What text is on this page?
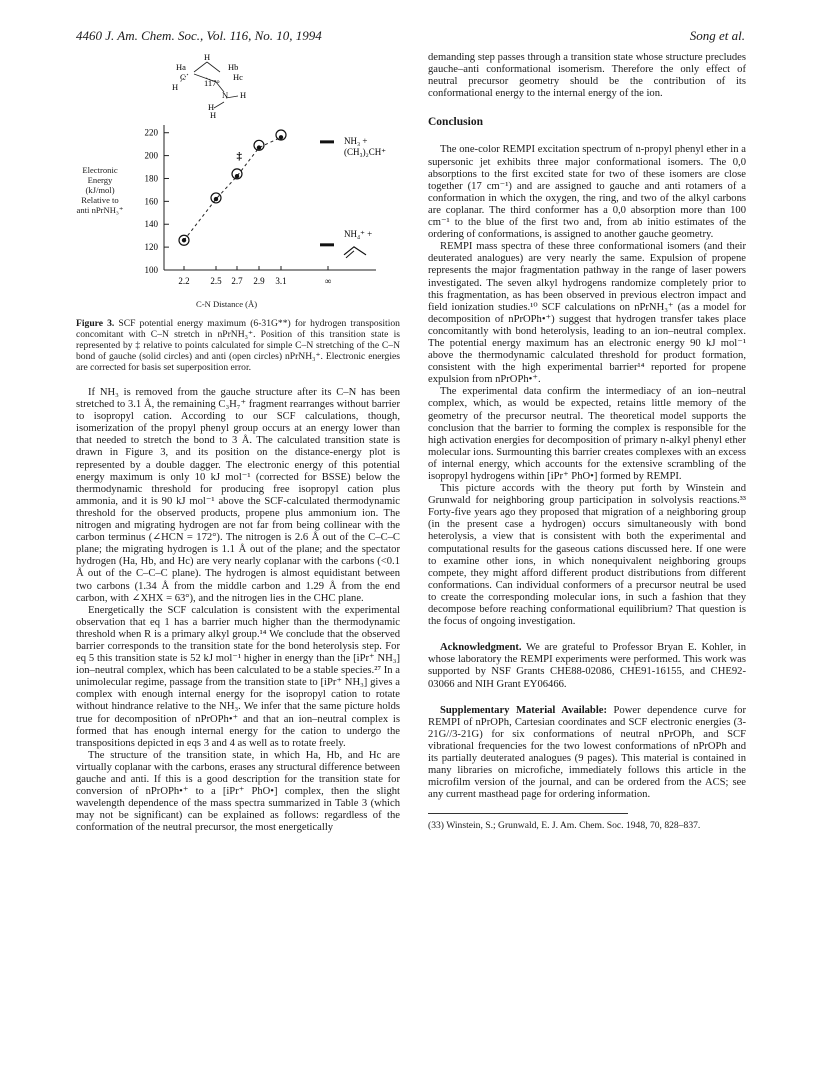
4460 J. Am. Chem. Soc., Vol. 116, No. 10, 1994	Song et al.
100
120
140
160
180
200
220
2.2 2.5 2.7 2.9 3.1	∞
‡
NH₃ +
(CH₃)₂CH⁺
NH₄⁺ +
H
Ha	Hb
C	Hc
H	117°
N H
H
H
Electronic Energy (kJ/mol) Relative to anti nPrNH₃⁺
C-N Distance (Å)
Figure 3. SCF potential energy maximum (6-31G**) for hydrogen transposition concomitant with C–N stretch in nPrNH₃⁺. Position of this transition state is represented by ‡ relative to points calculated for simple C–N stretching of the C–N bond of gauche (solid circles) and anti (open circles) nPrNH₃⁺. Electronic energies are corrected for basis set superposition error.

If NH₃ is removed from the gauche structure after its C–N has been stretched to 3.1 Å, the remaining C₃H₇⁺ fragment rearranges without barrier to isopropyl cation. According to our SCF calculations, though, isomerization of the propyl phenyl group occurs at an energy lower than that needed to stretch the bond to 3 Å. The calculated transition state is drawn in Figure 3, and its position on the distance-energy plot is represented by a double dagger. The electronic energy of this potential energy maximum is only 10 kJ mol⁻¹ (corrected for BSSE) below the thermodynamic threshold for producing free isopropyl cation plus ammonia, and it is 90 kJ mol⁻¹ above the SCF-calculated thermodynamic threshold for the observed products, propene plus ammonium ion. The nitrogen and migrating hydrogen are not far from being collinear with the carbon terminus (∠HCN = 172°). The nitrogen is 2.6 Å out of the C–C–C plane; the migrating hydrogen is 1.1 Å out of the plane; and the spectator hydrogen (Ha, Hb, and Hc) are very nearly coplanar with the carbons (<0.1 Å out of the C–C–C plane). The hydrogen is almost equidistant between two carbons (1.34 Å from the middle carbon and 1.29 Å from the end carbon, with ∠XHX = 63°), and the nitrogen lies in the CHC plane.

Energetically the SCF calculation is consistent with the experimental observation that eq 1 has a barrier much higher than the thermodynamic threshold when R is a primary alkyl group.¹⁴ We conclude that the observed barrier corresponds to the transition state for the bond heterolysis step. For eq 5 this transition state is 52 kJ mol⁻¹ higher in energy than the [iPr⁺ NH₃] ion–neutral complex, which has been calculated to be a stable species.²⁷ In a unimolecular regime, passage from the transition state to [iPr⁺ NH₃] gives a complex with enough internal energy for the isopropyl cation to rotate without hindrance relative to the NH₃. We infer that the same picture holds true for decomposition of nPrOPh•⁺ and that an ion–neutral complex is formed that has enough internal energy for the cation to undergo the transpositions depicted in eqs 3 and 4 as well as to rotate freely.

The structure of the transition state, in which Ha, Hb, and Hc are virtually coplanar with the carbons, erases any structural difference between gauche and anti. If this is a good description for the transition state for conversion of nPrOPh•⁺ to a [iPr⁺ PhO•] complex, then the slight wavelength dependence of the mass spectra summarized in Table 3 (which may not be significant) can be explained as follows: regardless of the conformation of the neutral precursor, the most energetically

demanding step passes through a transition state whose structure precludes gauche–anti conformational isomerism. Therefore the only effect of neutral precursor geometry should be the contribution of its conformational energy to the internal energy of the ion.

Conclusion

The one-color REMPI excitation spectrum of n-propyl phenyl ether in a supersonic jet exhibits three major conformational isomers. The 0,0 absorptions to the first excited state for two of these isomers are close together (17 cm⁻¹) and are assigned to gauche and anti rotamers of a conformation in which the oxygen, the ring, and two of the alkyl carbons are coplanar. The third conformer has a 0,0 absorption more than 100 cm⁻¹ to the blue of the first two and, from ab initio estimates of the ordering of conformations, is assigned to another gauche geometry.

REMPI mass spectra of these three conformational isomers (and their deuterated analogues) are very nearly the same. Expulsion of propene represents the major fragmentation pathway in the range of laser powers investigated. The seven alkyl hydrogens randomize completely prior to this fragmentation, as has been observed in previous electron impact and field ionization studies.¹⁰ SCF calculations on nPrNH₃⁺ (as a model for decomposition of nPrOPh•⁺) suggest that hydrogen transfer takes place concomitantly with bond heterolysis, leading to an ion–neutral complex. The potential energy maximum has an electronic energy 90 kJ mol⁻¹ above the thermodynamic calculated threshold for product formation, consistent with the high experimental barrier¹⁴ reported for propene expulsion from nPrOPh•⁺.

The experimental data confirm the intermediacy of an ion–neutral complex, which, as would be expected, retains little memory of the geometry of the precursor neutral. The theoretical model supports the conclusion that the barrier to forming the complex is responsible for the high activation energies for decomposition of primary n-alkyl phenyl ether molecular ions. Surmounting this barrier creates complexes with an excess of internal energy, which accounts for the extensive scrambling of the isopropyl hydrogens within [iPr⁺ PhO•] formed by REMPI.

This picture accords with the theory put forth by Winstein and Grunwald for neighboring group participation in solvolysis reactions.³³ Forty-five years ago they proposed that migration of a neighboring group (in the present case a hydrogen) occurs simultaneously with bond heterolysis, a view that is consistent with both the experimental and computational results for the gaseous cations discussed here. If one were to examine other ions, in which nonequivalent neighboring groups compete, they might afford different product distributions from different conformations. Can individual conformers of a precursor neutral be used to create the corresponding molecular ions, in such a fashion that they decompose before reaching conformational equilibrium? That question is the focus of ongoing investigation.

Acknowledgment. We are grateful to Professor Bryan E. Kohler, in whose laboratory the REMPI experiments were performed. This work was supported by NSF Grants CHE88-02086, CHE91-16155, and CHE92-03066 and NIH Grant EY06466.

Supplementary Material Available: Power dependence curve for REMPI of nPrOPh, Cartesian coordinates and SCF electronic energies (3-21G//3-21G) for six conformations of neutral nPrOPh, and SCF vibrational frequencies for the two lowest conformations of nPrOPh and its partially deuterated analogues (9 pages). This material is contained in many libraries on microfiche, immediately follows this article in the microfilm version of the journal, and can be ordered from the ACS; see any current masthead page for ordering information.

(33) Winstein, S.; Grunwald, E. J. Am. Chem. Soc. 1948, 70, 828–837.
